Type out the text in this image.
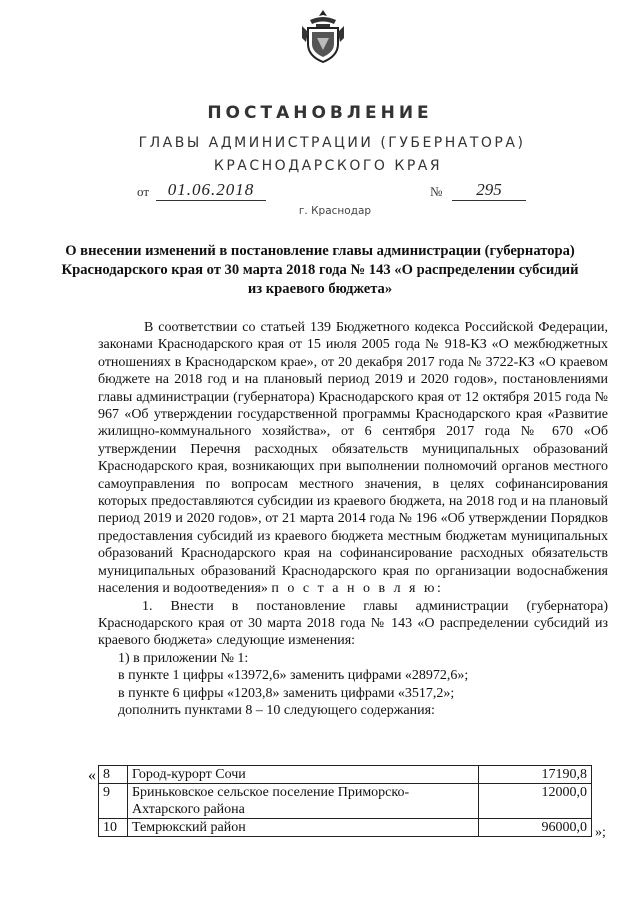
ПОСТАНОВЛЕНИЕ
ГЛАВЫ АДМИНИСТРАЦИИ (ГУБЕРНАТОРА)
КРАСНОДАРСКОГО КРАЯ
от	01.06.2018	№	295
г. Краснодар
О внесении изменений в постановление главы администрации (губернатора) Краснодарского края от 30 марта 2018 года № 143 «О распределении субсидий из краевого бюджета»

В соответствии со статьей 139 Бюджетного кодекса Российской Федерации, законами Краснодарского края от 15 июля 2005 года № 918-КЗ «О межбюджетных отношениях в Краснодарском крае», от 20 декабря 2017 года № 3722-КЗ «О краевом бюджете на 2018 год и на плановый период 2019 и 2020 годов», постановлениями главы администрации (губернатора) Краснодарского края от 12 октября 2015 года № 967 «Об утверждении государственной программы Краснодарского края «Развитие жилищно-коммунального хозяйства», от 6 сентября 2017 года № 670 «Об утверждении Перечня расходных обязательств муниципальных образований Краснодарского края, возникающих при выполнении полномочий органов местного самоуправления по вопросам местного значения, в целях софинансирования которых предоставляются субсидии из краевого бюджета, на 2018 год и на плановый период 2019 и 2020 годов», от 21 марта 2014 года № 196 «Об утверждении Порядков предоставления субсидий из краевого бюджета местным бюджетам муниципальных образований Краснодарского края на софинансирование расходных обязательств муниципальных образований Краснодарского края по организации водоснабжения населения и водоотведения» п о с т а н о в л я ю:

1. Внести в постановление главы администрации (губернатора) Краснодарского края от 30 марта 2018 года № 143 «О распределении субсидий из краевого бюджета» следующие изменения:

1) в приложении № 1:

в пункте 1 цифры «13972,6» заменить цифрами «28972,6»;

в пункте 6 цифры «1203,8» заменить цифрами «3517,2»;

дополнить пунктами 8 – 10 следующего содержания:

« 8	Город-курорт Сочи	17190,8
9	Бриньковское сельское поселение Приморско-Ахтарского района	12000,0
10	Темрюкский район	96000,0 »;
